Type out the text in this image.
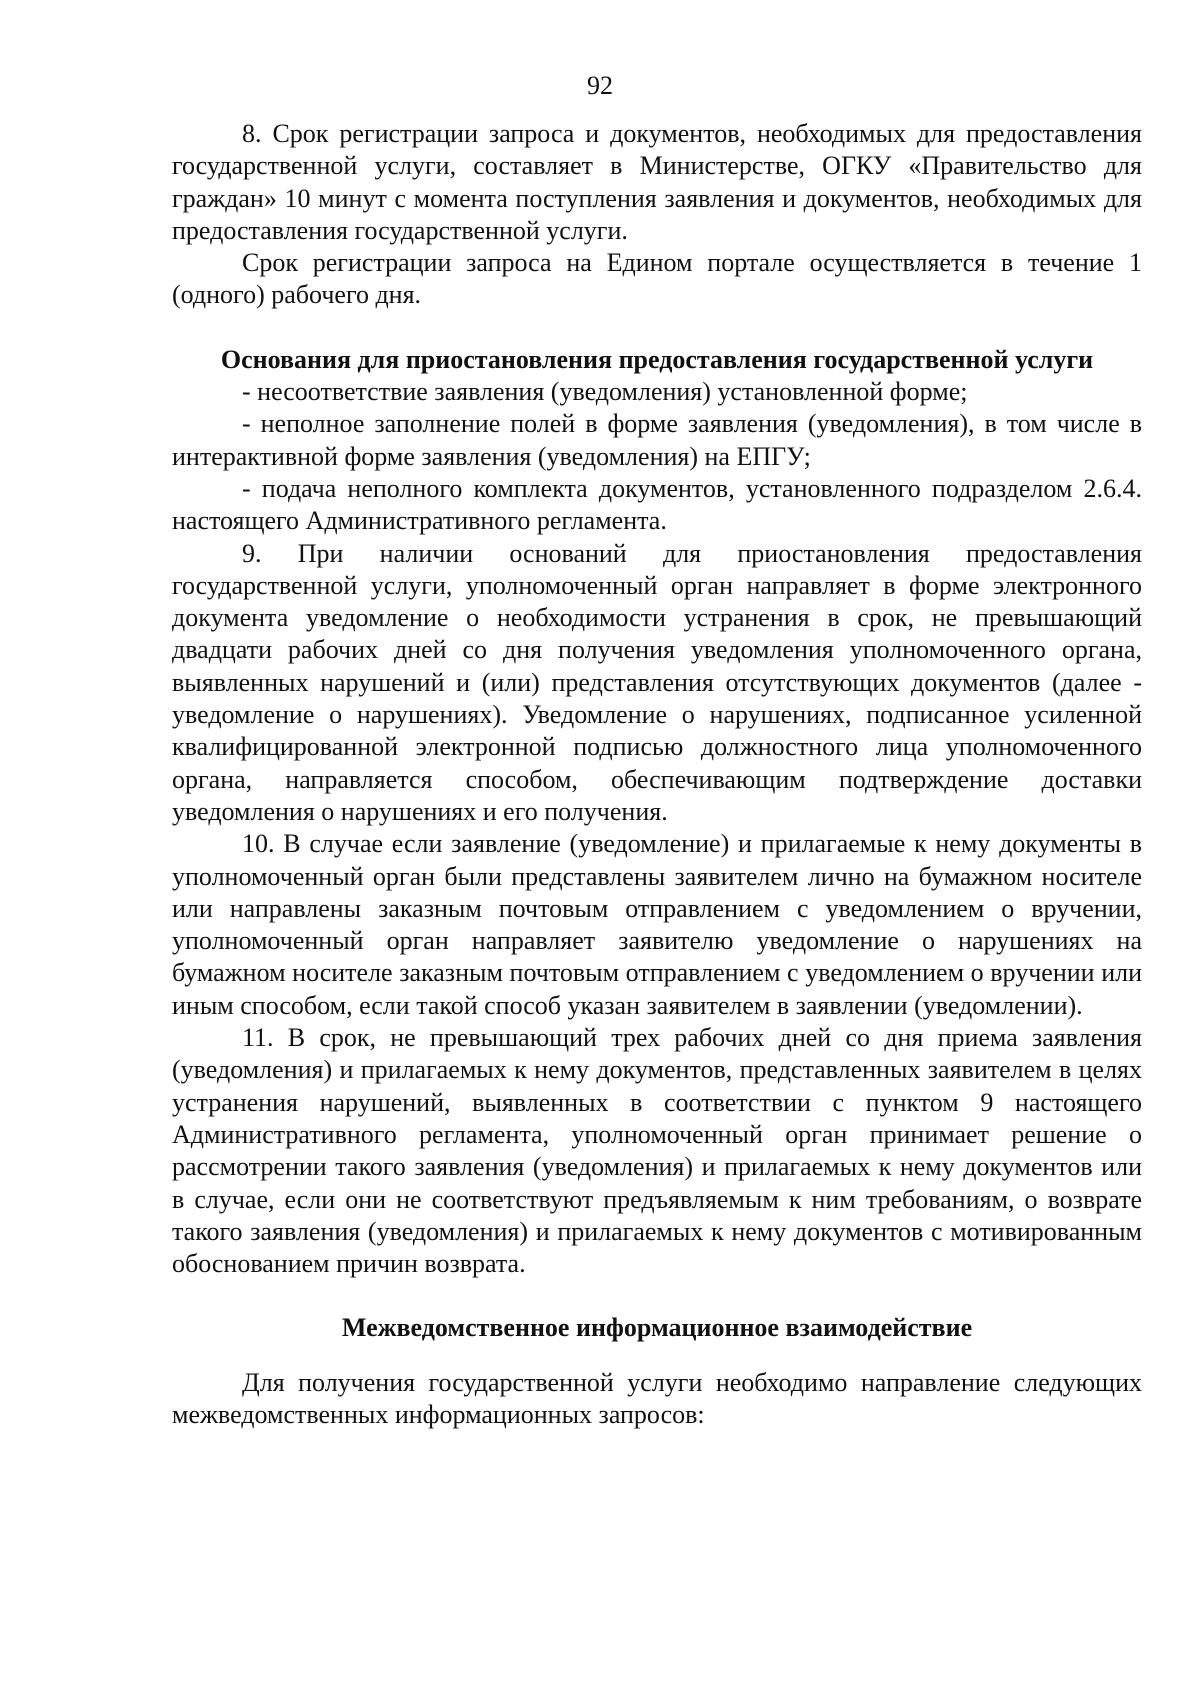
92

8. Срок регистрации запроса и документов, необходимых для предоставления государственной услуги, составляет в Министерстве, ОГКУ «Правительство для граждан» 10 минут с момента поступления заявления и документов, необходимых для предоставления государственной услуги.

Срок регистрации запроса на Едином портале осуществляется в течение 1 (одного) рабочего дня.

Основания для приостановления предоставления государственной услуги

- несоответствие заявления (уведомления) установленной форме;

- неполное заполнение полей в форме заявления (уведомления), в том числе в интерактивной форме заявления (уведомления) на ЕПГУ;

- подача неполного комплекта документов, установленного подразделом 2.6.4. настоящего Административного регламента.

9. При наличии оснований для приостановления предоставления государственной услуги, уполномоченный орган направляет в форме электронного документа уведомление о необходимости устранения в срок, не превышающий двадцати рабочих дней со дня получения уведомления уполномоченного органа, выявленных нарушений и (или) представления отсутствующих документов (далее - уведомление о нарушениях). Уведомление о нарушениях, подписанное усиленной квалифицированной электронной подписью должностного лица уполномоченного органа, направляется способом, обеспечивающим подтверждение доставки уведомления о нарушениях и его получения.

10. В случае если заявление (уведомление) и прилагаемые к нему документы в уполномоченный орган были представлены заявителем лично на бумажном носителе или направлены заказным почтовым отправлением с уведомлением о вручении, уполномоченный орган направляет заявителю уведомление о нарушениях на бумажном носителе заказным почтовым отправлением с уведомлением о вручении или иным способом, если такой способ указан заявителем в заявлении (уведомлении).

11. В срок, не превышающий трех рабочих дней со дня приема заявления (уведомления) и прилагаемых к нему документов, представленных заявителем в целях устранения нарушений, выявленных в соответствии с пунктом 9 настоящего Административного регламента, уполномоченный орган принимает решение о рассмотрении такого заявления (уведомления) и прилагаемых к нему документов или в случае, если они не соответствуют предъявляемым к ним требованиям, о возврате такого заявления (уведомления) и прилагаемых к нему документов с мотивированным обоснованием причин возврата.

Межведомственное информационное взаимодействие

Для получения государственной услуги необходимо направление следующих межведомственных информационных запросов:
